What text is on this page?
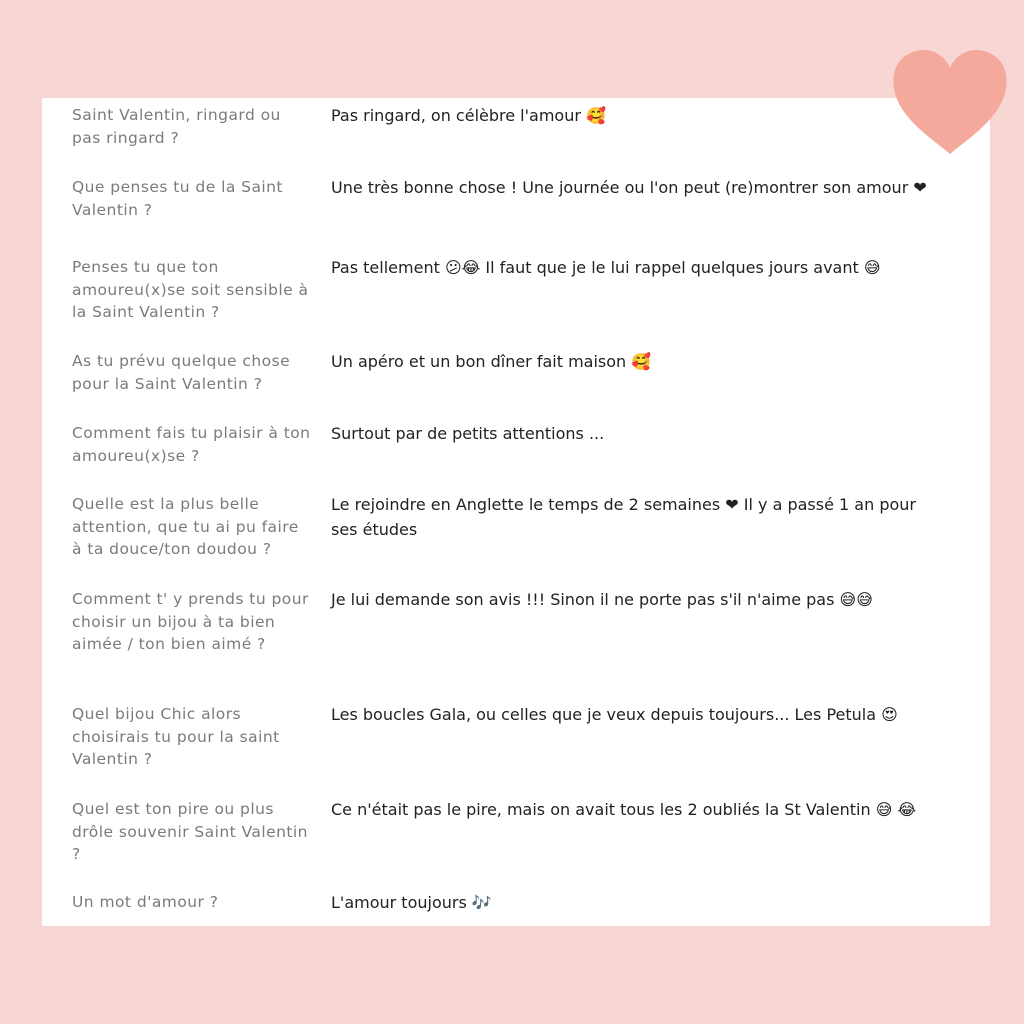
Saint Valentin, ringard ou pas ringard ?
Pas ringard, on célèbre l'amour 🥰
Que penses tu de la Saint Valentin ?
Une très bonne chose ! Une journée ou l'on peut (re)montrer son amour ❤
Penses tu que ton amoureu(x)se soit sensible à la Saint Valentin ?
Pas tellement 😕😂 Il faut que je le lui rappel quelques jours avant 😅
As tu prévu quelque chose pour la Saint Valentin ?
Un apéro et un bon dîner fait maison 🥰
Comment fais tu plaisir à ton amoureu(x)se ?
Surtout par de petits attentions ...
Quelle est la plus belle attention, que tu ai pu faire à ta douce/ton doudou ?
Le rejoindre en Anglette le temps de 2 semaines ❤ Il y a passé 1 an pour ses études
Comment t' y prends tu pour choisir un bijou à ta bien aimée / ton bien aimé ?
Je lui demande son avis !!! Sinon il ne porte pas s'il n'aime pas 😅😅
Quel bijou Chic alors choisirais tu pour la saint Valentin ?
Les boucles Gala, ou celles que je veux depuis toujours... Les Petula 😍
Quel est ton pire ou plus drôle souvenir Saint Valentin ?
Ce n'était pas le pire, mais on avait tous les 2 oubliés la St Valentin 😅 😂
Un mot d'amour ?	L'amour toujours 🎶
